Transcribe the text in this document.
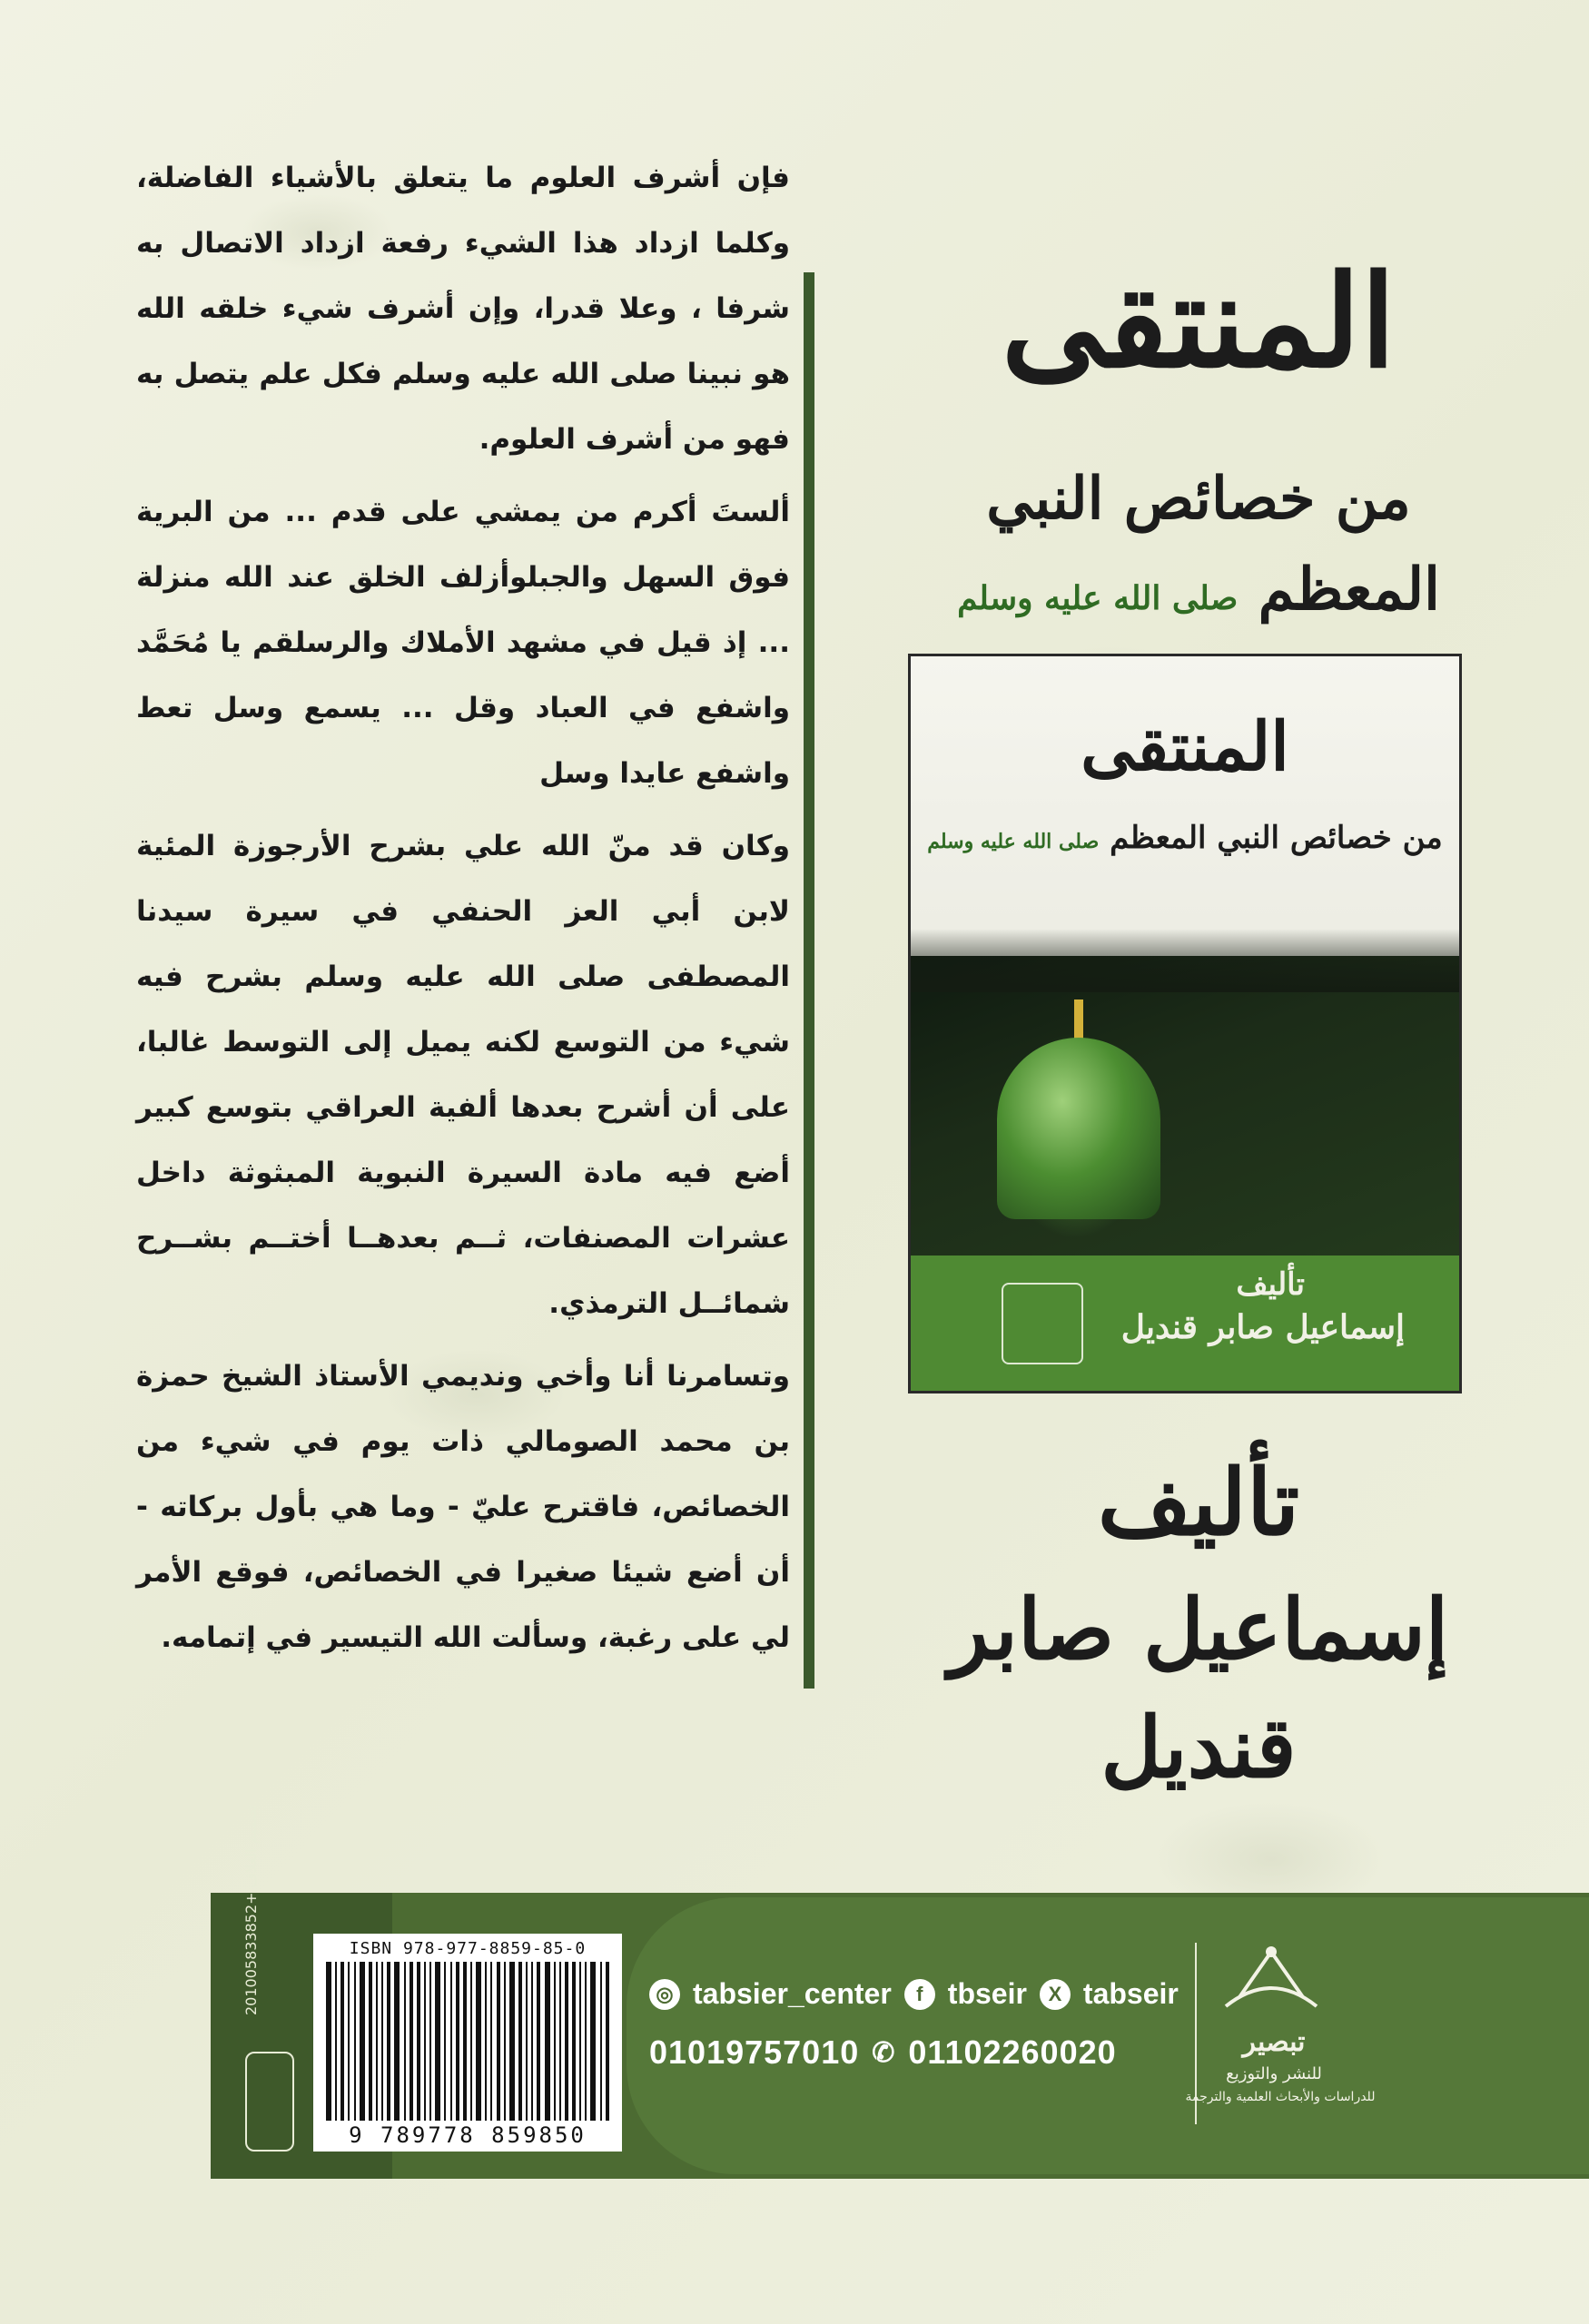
فإن أشرف العلوم ما يتعلق بالأشياء الفاضلة، وكلما ازداد هذا الشيء رفعة ازداد الاتصال به شرفا ، وعلا قدرا، وإن أشرف شيء خلقه الله هو نبينا صلى الله عليه وسلم فكل علم يتصل به فهو من أشرف العلوم.

ألستَ أكرم من يمشي على قدم ... من البرية فوق السهل والجبلوأزلف الخلق عند الله منزلة ... إذ قيل في مشهد الأملاك والرسلقم يا مُحَمَّد واشفع في العباد وقل ... يسمع وسل تعط واشفع عايدا وسل

وكان قد منّ الله علي بشرح الأرجوزة المئية لابن أبي العز الحنفي في سيرة سيدنا المصطفى صلى الله عليه وسلم بشرح فيه شيء من التوسع لكنه يميل إلى التوسط غالبا، على أن أشرح بعدها ألفية العراقي بتوسع كبير أضع فيه مادة السيرة النبوية المبثوثة داخل عشرات المصنفات، ثــم بعدهــا أختــم بشــرح شمائــل الترمذي.

وتسامرنا أنا وأخي ونديمي الأستاذ الشيخ حمزة بن محمد الصومالي ذات يوم في شيء من الخصائص، فاقترح عليّ - وما هي بأول بركاته - أن أضع شيئا صغيرا في الخصائص، فوقع الأمر لي على رغبة، وسألت الله التيسير في إتمامه.

المنتقى
من خصائص النبي المعظم صلى الله عليه وسلم
المنتقى
من خصائص النبي المعظم صلى الله عليه وسلم
تأليف
إسماعيل صابر قنديل
تأليف
إسماعيل صابر قنديل
تصميم الغلاف +201005833852
ISBN 978-977-8859-85-0
9 789778 859850
◎ tabsier_center	f tbseir	X tabseir
01019757010 ✆ 01102260020	تبصير
للنشر والتوزيع
للدراسات والأبحاث العلمية والترجمة
